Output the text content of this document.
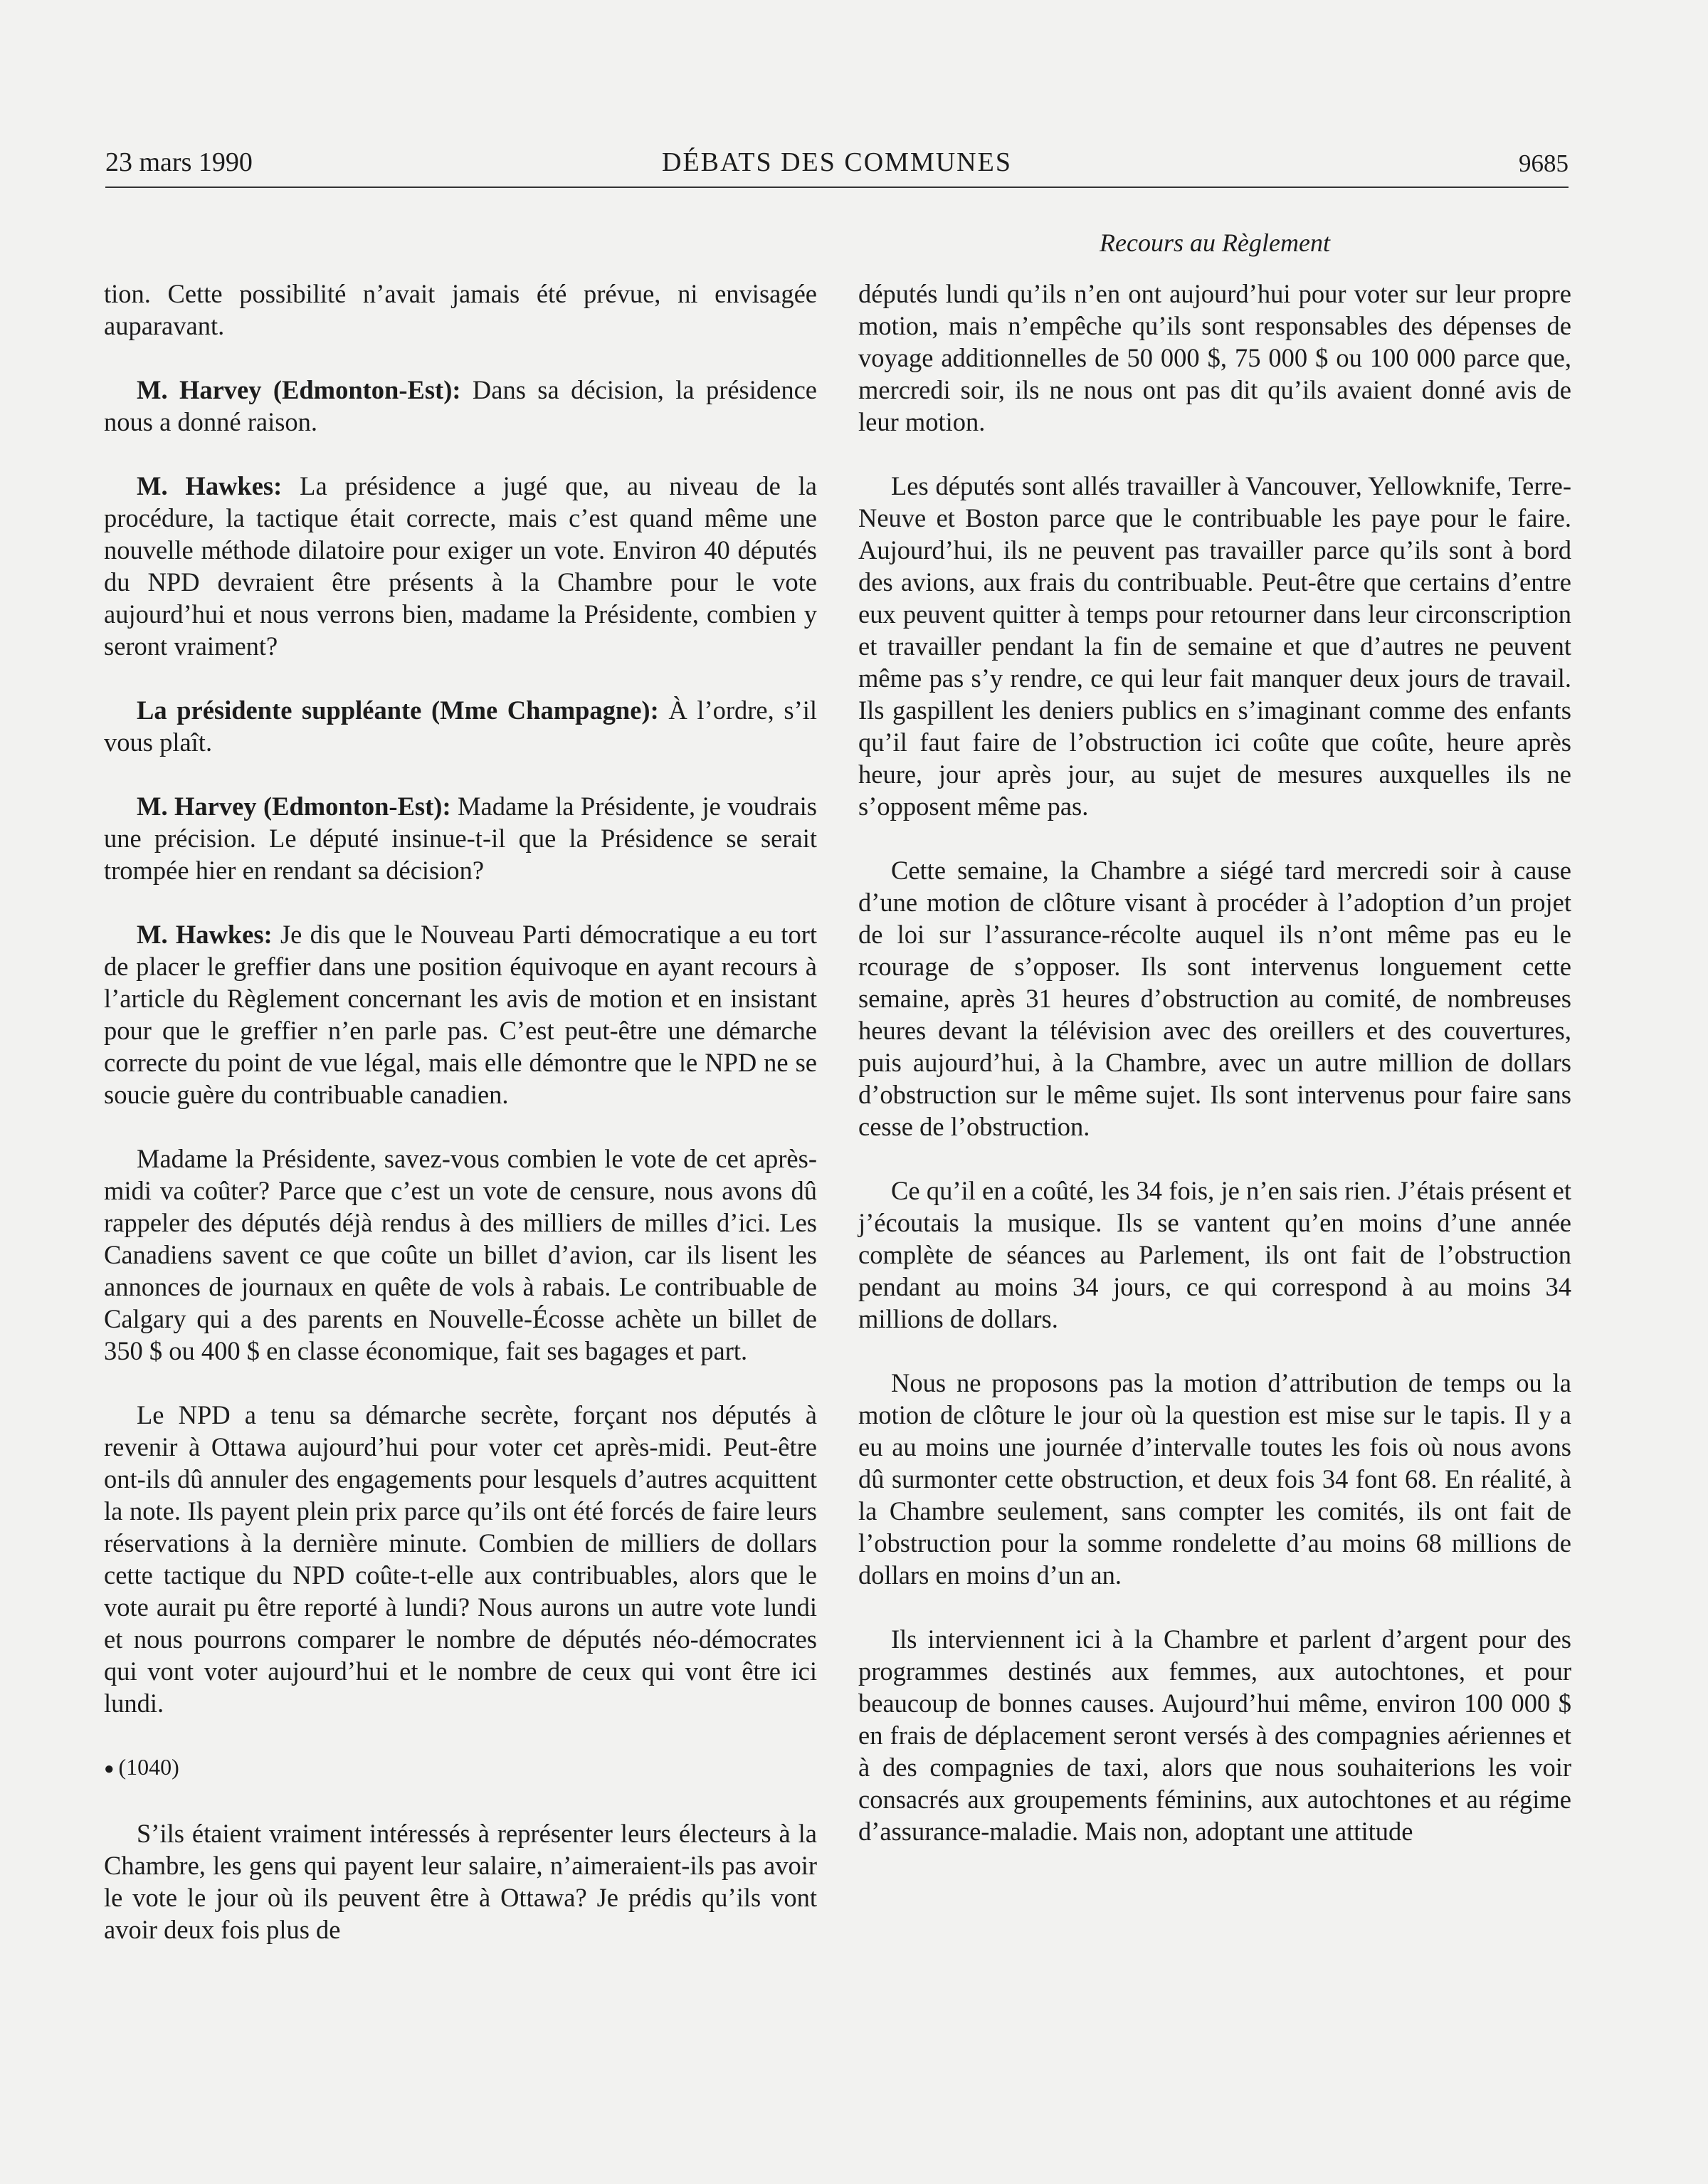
23 mars 1990	DÉBATS DES COMMUNES	9685
Recours au Règlement

tion. Cette possibilité n’avait jamais été prévue, ni envisagée auparavant.

M. Harvey (Edmonton-Est): Dans sa décision, la présidence nous a donné raison.

M. Hawkes: La présidence a jugé que, au niveau de la procédure, la tactique était correcte, mais c’est quand même une nouvelle méthode dilatoire pour exiger un vote. Environ 40 députés du NPD devraient être présents à la Chambre pour le vote aujourd’hui et nous verrons bien, madame la Présidente, combien y seront vraiment?

La présidente suppléante (Mme Champagne): À l’ordre, s’il vous plaît.

M. Harvey (Edmonton-Est): Madame la Présidente, je voudrais une précision. Le député insinue-t-il que la Présidence se serait trompée hier en rendant sa décision?

M. Hawkes: Je dis que le Nouveau Parti démocratique a eu tort de placer le greffier dans une position équivoque en ayant recours à l’article du Règlement concernant les avis de motion et en insistant pour que le greffier n’en parle pas. C’est peut-être une démarche correcte du point de vue légal, mais elle démontre que le NPD ne se soucie guère du contribuable canadien.

Madame la Présidente, savez-vous combien le vote de cet après-midi va coûter? Parce que c’est un vote de censure, nous avons dû rappeler des députés déjà rendus à des milliers de milles d’ici. Les Canadiens savent ce que coûte un billet d’avion, car ils lisent les annonces de journaux en quête de vols à rabais. Le contribuable de Calgary qui a des parents en Nouvelle-Écosse achète un billet de 350 $ ou 400 $ en classe économique, fait ses bagages et part.

Le NPD a tenu sa démarche secrète, forçant nos députés à revenir à Ottawa aujourd’hui pour voter cet après-midi. Peut-être ont-ils dû annuler des engagements pour lesquels d’autres acquittent la note. Ils payent plein prix parce qu’ils ont été forcés de faire leurs réservations à la dernière minute. Combien de milliers de dollars cette tactique du NPD coûte-t-elle aux contribuables, alors que le vote aurait pu être reporté à lundi? Nous aurons un autre vote lundi et nous pourrons comparer le nombre de députés néo-démocrates qui vont voter aujourd’hui et le nombre de ceux qui vont être ici lundi.

● (1040)

S’ils étaient vraiment intéressés à représenter leurs électeurs à la Chambre, les gens qui payent leur salaire, n’aimeraient-ils pas avoir le vote le jour où ils peuvent être à Ottawa? Je prédis qu’ils vont avoir deux fois plus de

députés lundi qu’ils n’en ont aujourd’hui pour voter sur leur propre motion, mais n’empêche qu’ils sont responsables des dépenses de voyage additionnelles de 50 000 $, 75 000 $ ou 100 000 parce que, mercredi soir, ils ne nous ont pas dit qu’ils avaient donné avis de leur motion.

Les députés sont allés travailler à Vancouver, Yellowknife, Terre-Neuve et Boston parce que le contribuable les paye pour le faire. Aujourd’hui, ils ne peuvent pas travailler parce qu’ils sont à bord des avions, aux frais du contribuable. Peut-être que certains d’entre eux peuvent quitter à temps pour retourner dans leur circonscription et travailler pendant la fin de semaine et que d’autres ne peuvent même pas s’y rendre, ce qui leur fait manquer deux jours de travail. Ils gaspillent les deniers publics en s’imaginant comme des enfants qu’il faut faire de l’obstruction ici coûte que coûte, heure après heure, jour après jour, au sujet de mesures auxquelles ils ne s’opposent même pas.

Cette semaine, la Chambre a siégé tard mercredi soir à cause d’une motion de clôture visant à procéder à l’adoption d’un projet de loi sur l’assurance-récolte auquel ils n’ont même pas eu le rcourage de s’opposer. Ils sont intervenus longuement cette semaine, après 31 heures d’obstruction au comité, de nombreuses heures devant la télévision avec des oreillers et des couvertures, puis aujourd’hui, à la Chambre, avec un autre million de dollars d’obstruction sur le même sujet. Ils sont intervenus pour faire sans cesse de l’obstruction.

Ce qu’il en a coûté, les 34 fois, je n’en sais rien. J’étais présent et j’écoutais la musique. Ils se vantent qu’en moins d’une année complète de séances au Parlement, ils ont fait de l’obstruction pendant au moins 34 jours, ce qui correspond à au moins 34 millions de dollars.

Nous ne proposons pas la motion d’attribution de temps ou la motion de clôture le jour où la question est mise sur le tapis. Il y a eu au moins une journée d’intervalle toutes les fois où nous avons dû surmonter cette obstruction, et deux fois 34 font 68. En réalité, à la Chambre seulement, sans compter les comités, ils ont fait de l’obstruction pour la somme rondelette d’au moins 68 millions de dollars en moins d’un an.

Ils interviennent ici à la Chambre et parlent d’argent pour des programmes destinés aux femmes, aux autochtones, et pour beaucoup de bonnes causes. Aujourd’hui même, environ 100 000 $ en frais de déplacement seront versés à des compagnies aériennes et à des compagnies de taxi, alors que nous souhaiterions les voir consacrés aux groupements féminins, aux autochtones et au régime d’assurance-maladie. Mais non, adoptant une attitude
